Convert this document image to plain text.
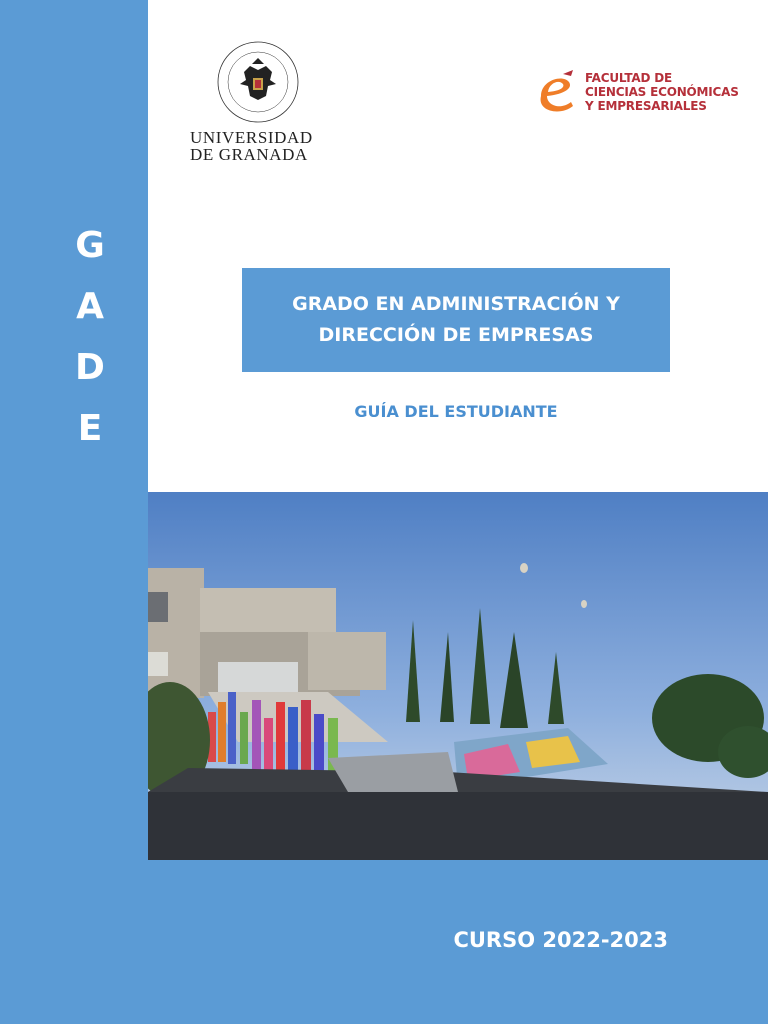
G
A
D
E
UNIVERSIDAD
DE GRANADA
FACULTAD DE
CIENCIAS ECONÓMICAS
Y EMPRESARIALES
GRADO EN ADMINISTRACIÓN Y
DIRECCIÓN DE EMPRESAS
GUÍA DEL ESTUDIANTE
CURSO 2022-2023
